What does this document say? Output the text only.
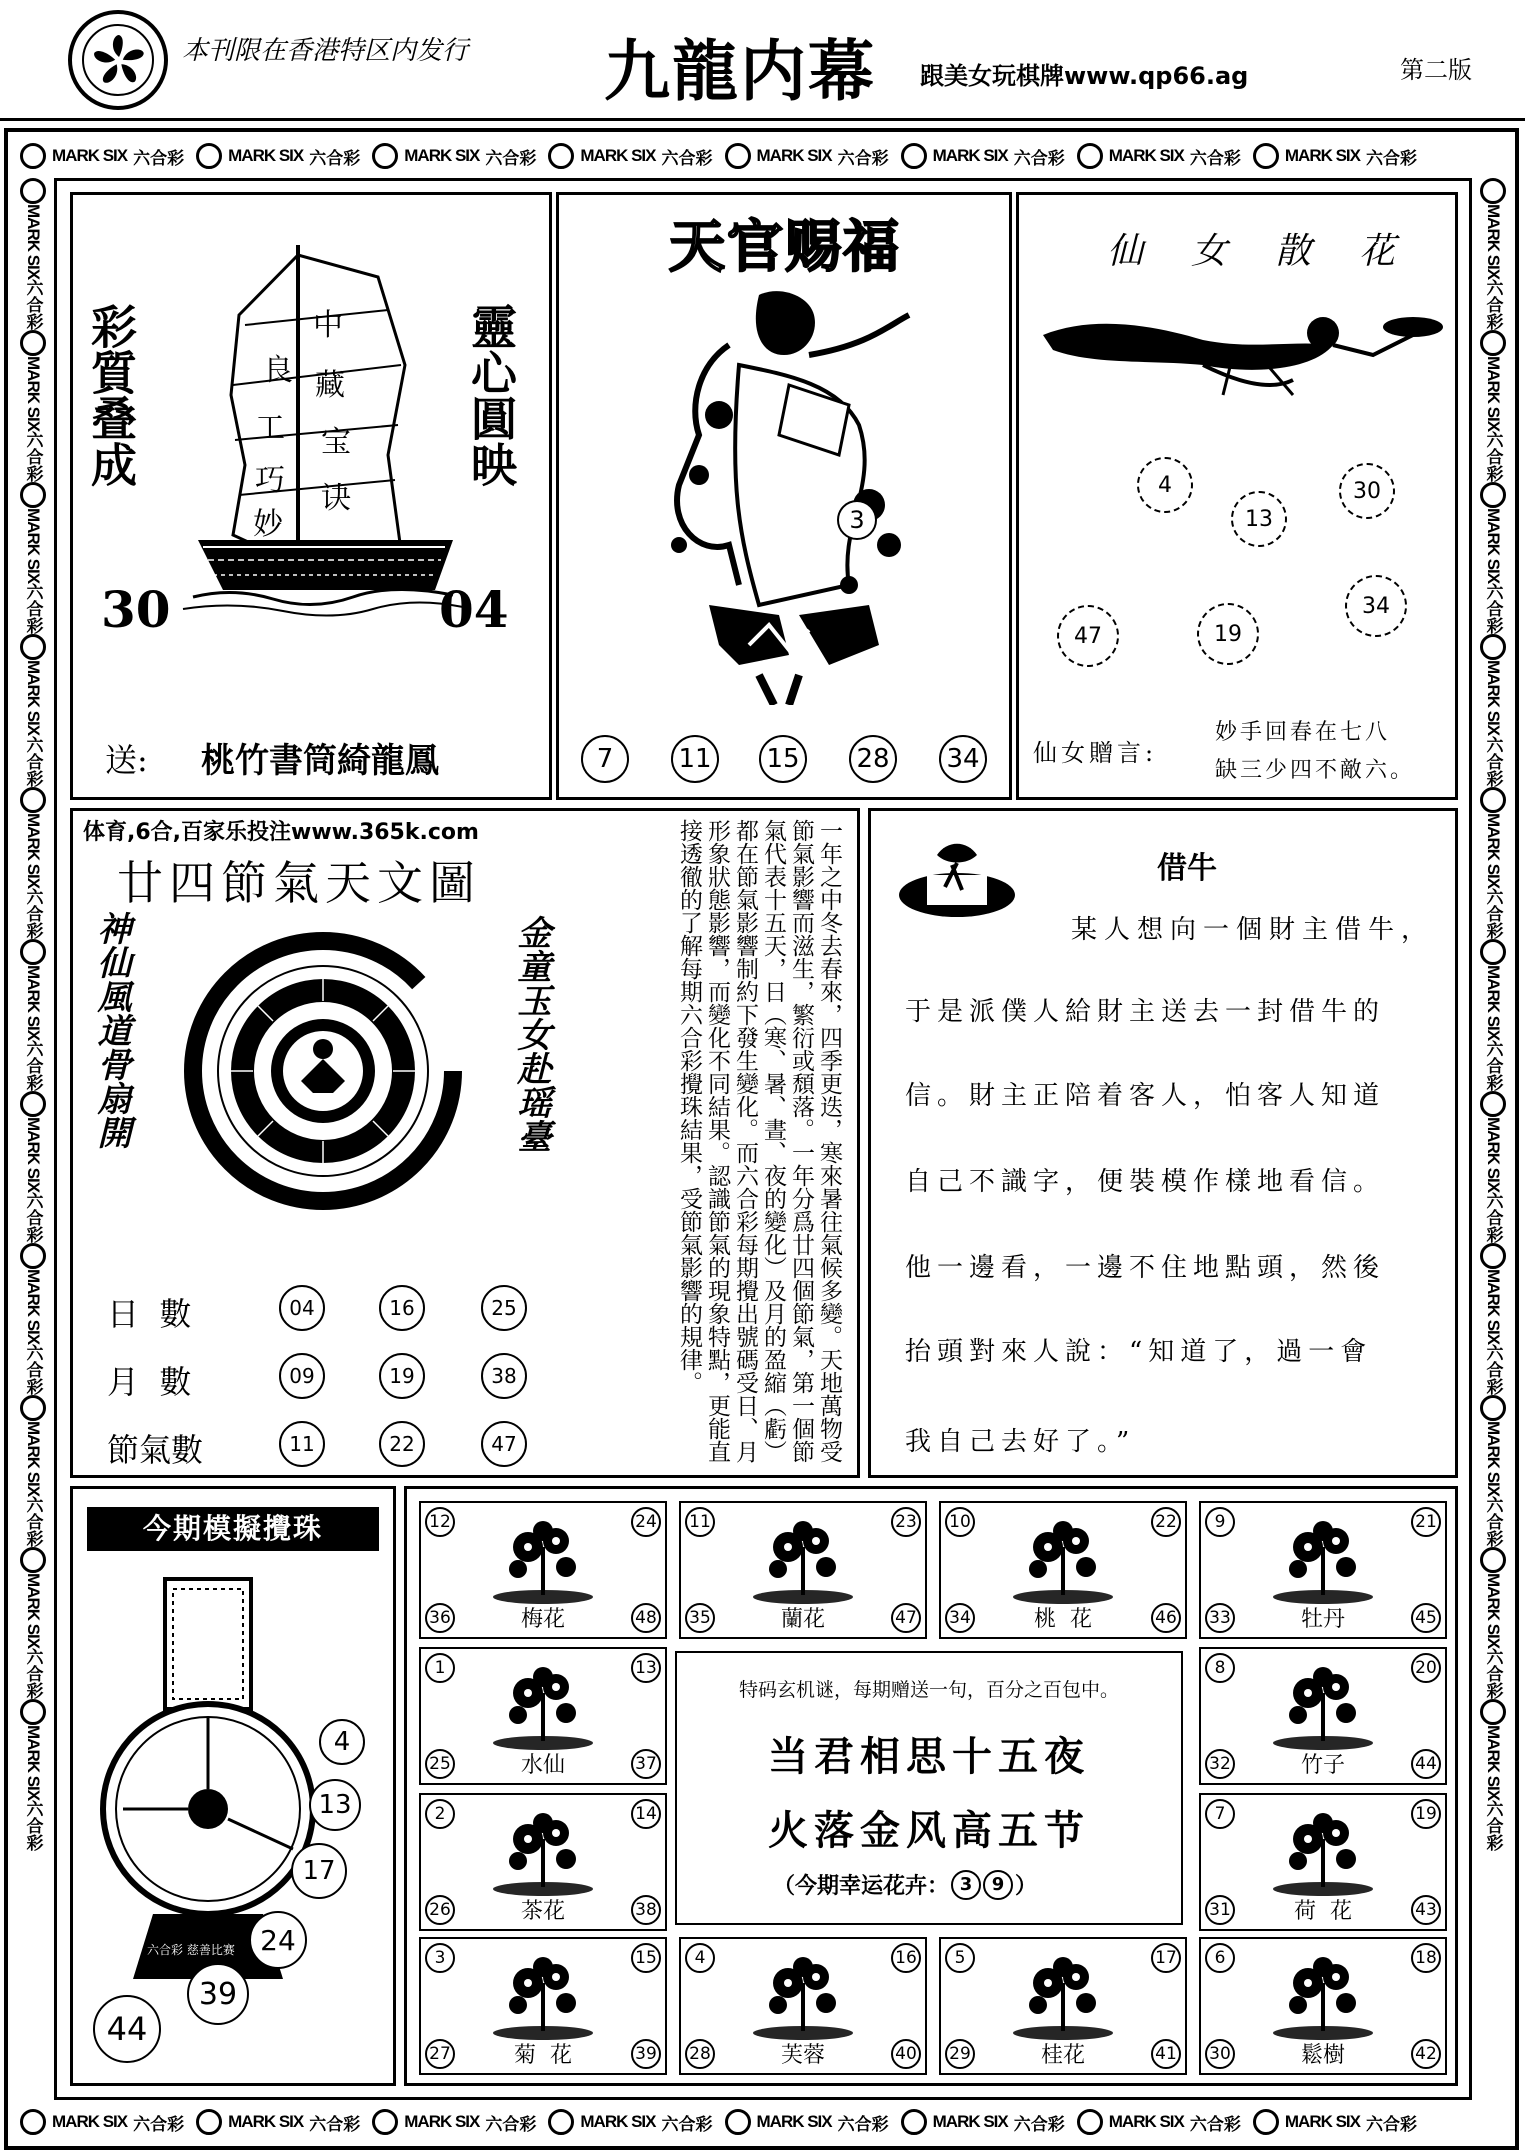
本刊限在香港特区内发行 九龍内幕 跟美女玩棋牌www.qp66.ag	第二版
MARK SIX 六合彩	MARK SIX 六合彩	MARK SIX 六合彩	MARK SIX 六合彩	MARK SIX 六合彩	MARK SIX 六合彩	MARK SIX 六合彩	MARK SIX 六合彩
MARK SIX 六合彩	MARK SIX 六合彩	MARK SIX 六合彩	MARK SIX 六合彩	MARK SIX 六合彩	MARK SIX 六合彩	MARK SIX 六合彩	MARK SIX 六合彩
MARK SIX
六合彩
MARK SIX
六合彩
MARK SIX
六合彩
MARK SIX
六合彩
MARK SIX
六合彩
MARK SIX
六合彩
MARK SIX
六合彩
MARK SIX
六合彩
MARK SIX
六合彩
MARK SIX
六合彩
MARK SIX
六合彩
MARK SIX
六合彩
MARK SIX
六合彩
MARK SIX
六合彩
MARK SIX
六合彩
MARK SIX
六合彩
MARK SIX
六合彩
MARK SIX
六合彩
MARK SIX
六合彩
MARK SIX
六合彩
MARK SIX
六合彩
MARK SIX
六合彩
彩質叠成	靈心圓映
良
中
工
藏
巧
宝
妙
诀
30	04
送: 桃竹書筒綺龍鳳
天官赐福
3
7	11 15 28 34
仙女散花
4	30
13
47	19
34
仙女贈言:
妙手回春在七八
缺三少四不敵六。
体育,6合,百家乐投注www.365k.com
廿四節氣天文圖
神仙風道骨扇開	金童玉女赴瑶臺
日  數	04	16	25
月  數	09	19	38
節氣數	11	22	47	一年之中冬去春來，四季更迭，寒來暑往氣候多變。天地萬物受節氣影響而滋生，繁衍或頹落。一年分爲廿四個節氣，第一個節氣代表十五天，日（寒、暑、晝、夜的變化）及月的盈縮（虧）都在節氣影響制約下發生變化。而六合彩每期攪出號碼受日、月形象狀態影響，而變化不同結果。認識節氣的現象特點，更能直接透徹的了解每期六合彩攪珠結果，受節氣影響的規律。	借牛
某人想向一個財主借牛，
于是派僕人給財主送去一封借牛的
信。財主正陪着客人，怕客人知道
自己不識字，便裝模作樣地看信。
他一邊看，一邊不住地點頭，然後
抬頭對來人說：“知道了，過一會
我自己去好了。”
今期模擬攪珠
六合彩 慈善比赛
4
13
17
24
39
44
特码玄机谜，每期赠送一句，百分之百包中。
当君相思十五夜
火落金风高五节
（今期幸运花卉： 3 9 ）
12	24
36	48
梅花
11	23
35	47
蘭花
10	22
34	46
桃  花
9	21
33	45
牡丹
1	13
25	37
水仙
8	20
32	44
竹子
2	14
26	38
茶花
7	19
31	43
荷  花
3	15
27	39
菊  花
4	16
28	40
芙蓉
5	17
29	41
桂花
6	18
30	42
鬆樹
